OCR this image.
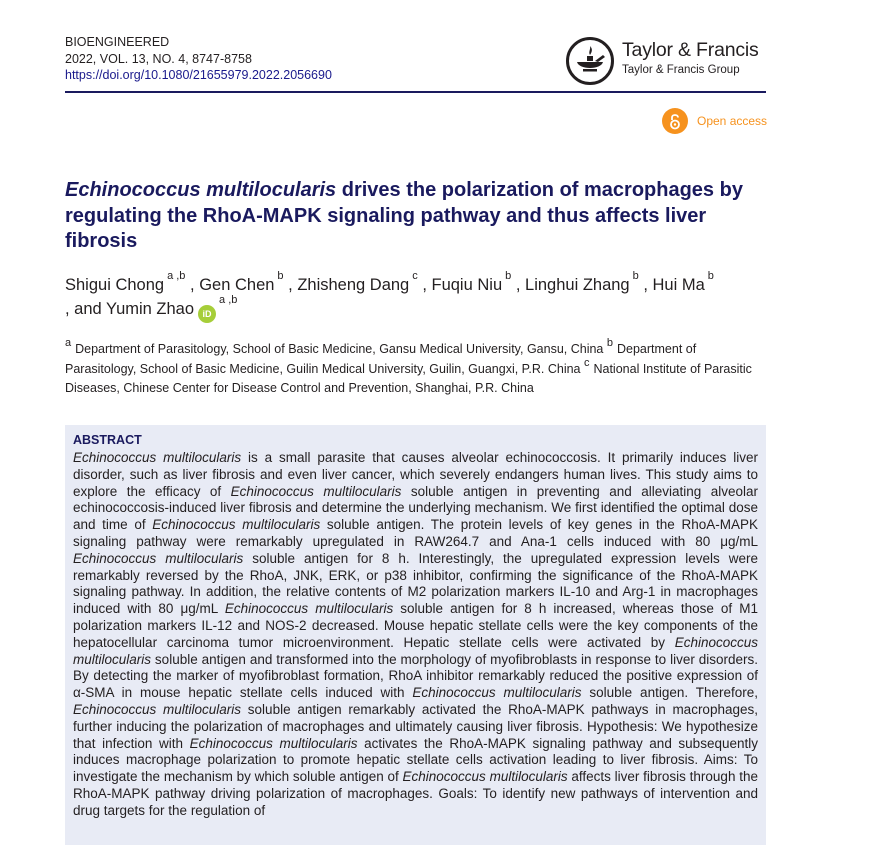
BIOENGINEERED
2022, VOL. 13, NO. 4, 8747-8758
https://doi.org/10.1080/21655979.2022.2056690
Taylor & Francis
Taylor & Francis Group
Open access
Echinococcus multilocularis drives the polarization of macrophages by regulating the RhoA-MAPK signaling pathway and thus affects liver fibrosis
Shigui Chong $^{a ,b}$ , Gen Chen $^b$ , Zhisheng Dang $^c$ , Fuqiu Niu $^b$ , Linghui Zhang $^b$ , Hui Ma $^b$
, and Yumin Zhao iD$^{a ,b}$
$^a$ Department of Parasitology, School of Basic Medicine, Gansu Medical University, Gansu, China $^b$ Department of Parasitology, School of Basic Medicine, Guilin Medical University, Guilin, Guangxi, P.R. China $^c$ National Institute of Parasitic Diseases, Chinese Center for Disease Control and Prevention, Shanghai, P.R. China
ABSTRACT

Echinococcus multilocularis is a small parasite that causes alveolar echinococcosis. It primarily induces liver disorder, such as liver fibrosis and even liver cancer, which severely endangers human lives. This study aims to explore the efficacy of Echinococcus multilocularis soluble antigen in preventing and alleviating alveolar echinococcosis-induced liver fibrosis and determine the underlying mechanism. We first identified the optimal dose and time of Echinococcus multilocularis soluble antigen. The protein levels of key genes in the RhoA-MAPK signaling pathway were remarkably upregulated in RAW264.7 and Ana-1 cells induced with 80 μg/mL Echinococcus multilocularis soluble antigen for 8 h. Interestingly, the upregulated expression levels were remarkably reversed by the RhoA, JNK, ERK, or p38 inhibitor, confirming the significance of the RhoA-MAPK signaling pathway. In addition, the relative contents of M2 polarization markers IL-10 and Arg-1 in macrophages induced with 80 μg/mL Echinococcus multilocularis soluble antigen for 8 h increased, whereas those of M1 polarization markers IL-12 and NOS-2 decreased. Mouse hepatic stellate cells were the key components of the hepatocellular carcinoma tumor microenvironment. Hepatic stellate cells were activated by Echinococcus multilocularis soluble antigen and transformed into the morphology of myofibroblasts in response to liver disorders. By detecting the marker of myofibroblast formation, RhoA inhibitor remarkably reduced the positive expression of α-SMA in mouse hepatic stellate cells induced with Echinococcus multilocularis soluble antigen. Therefore, Echinococcus multilocularis soluble antigen remarkably activated the RhoA-MAPK pathways in macrophages, further inducing the polarization of macrophages and ultimately causing liver fibrosis. Hypothesis: We hypothesize that infection with Echinococcus multilocularis activates the RhoA-MAPK signaling pathway and subsequently induces macrophage polarization to promote hepatic stellate cells activation leading to liver fibrosis. Aims: To investigate the mechanism by which soluble antigen of Echinococcus multilocularis affects liver fibrosis through the RhoA-MAPK pathway driving polarization of macrophages. Goals: To identify new pathways of intervention and drug targets for the regulation of
